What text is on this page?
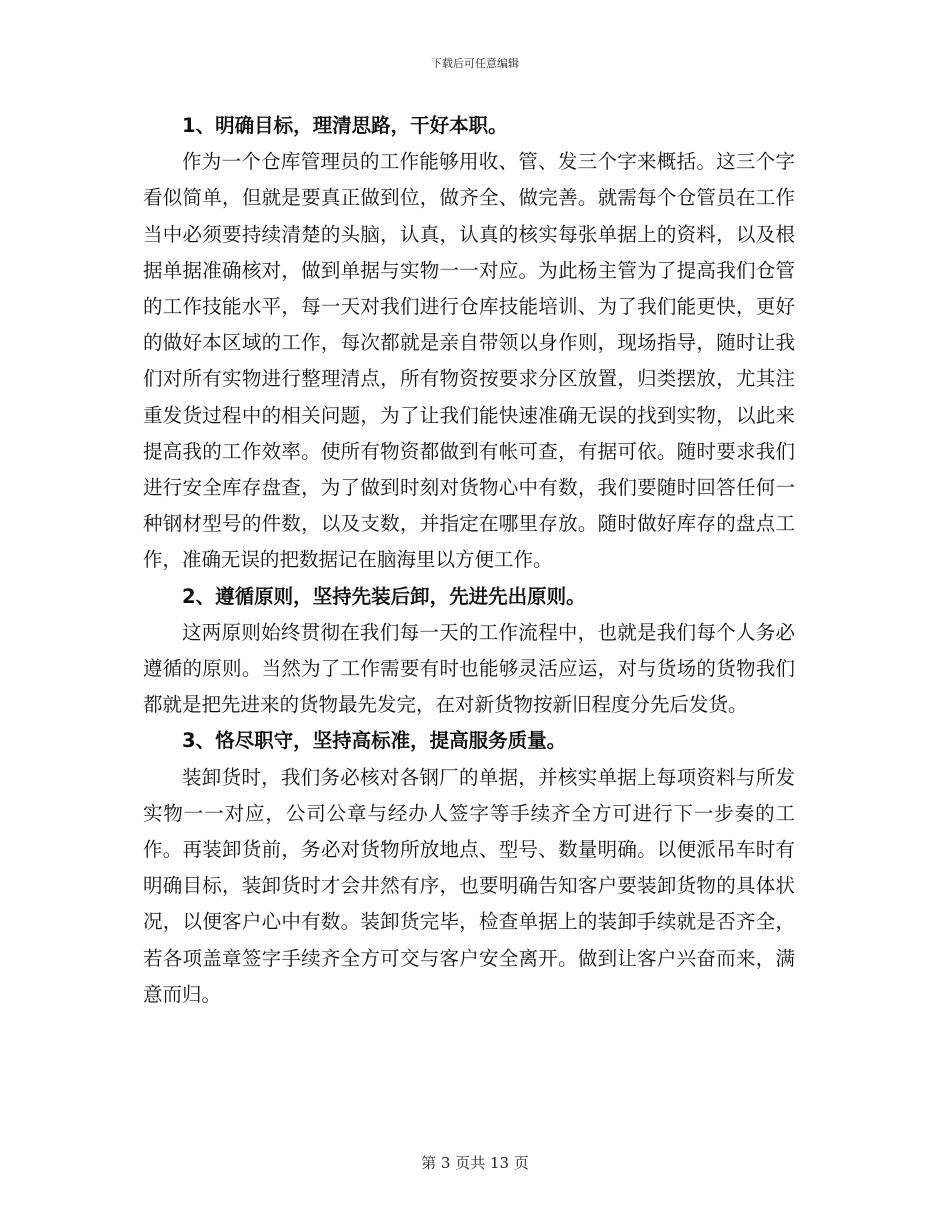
下载后可任意编辑
1、明确目标，理清思路，干好本职。

作为一个仓库管理员的工作能够用收、管、发三个字来概括。这三个字看似简单，但就是要真正做到位，做齐全、做完善。就需每个仓管员在工作当中必须要持续清楚的头脑，认真，认真的核实每张单据上的资料，以及根据单据准确核对，做到单据与实物一一对应。为此杨主管为了提高我们仓管的工作技能水平，每一天对我们进行仓库技能培训、为了我们能更快，更好的做好本区域的工作，每次都就是亲自带领以身作则，现场指导，随时让我们对所有实物进行整理清点，所有物资按要求分区放置，归类摆放，尤其注重发货过程中的相关问题，为了让我们能快速准确无误的找到实物，以此来提高我的工作效率。使所有物资都做到有帐可查，有据可依。随时要求我们进行安全库存盘查，为了做到时刻对货物心中有数，我们要随时回答任何一种钢材型号的件数，以及支数，并指定在哪里存放。随时做好库存的盘点工作，准确无误的把数据记在脑海里以方便工作。

2、遵循原则，坚持先装后卸，先进先出原则。

这两原则始终贯彻在我们每一天的工作流程中，也就是我们每个人务必遵循的原则。当然为了工作需要有时也能够灵活应运，对与货场的货物我们都就是把先进来的货物最先发完，在对新货物按新旧程度分先后发货。

3、恪尽职守，坚持高标准，提高服务质量。

装卸货时，我们务必核对各钢厂的单据，并核实单据上每项资料与所发实物一一对应，公司公章与经办人签字等手续齐全方可进行下一步奏的工作。再装卸货前，务必对货物所放地点、型号、数量明确。以便派吊车时有明确目标，装卸货时才会井然有序，也要明确告知客户要装卸货物的具体状况，以便客户心中有数。装卸货完毕，检查单据上的装卸手续就是否齐全，若各项盖章签字手续齐全方可交与客户安全离开。做到让客户兴奋而来，满意而归。

第 3 页共 13 页
